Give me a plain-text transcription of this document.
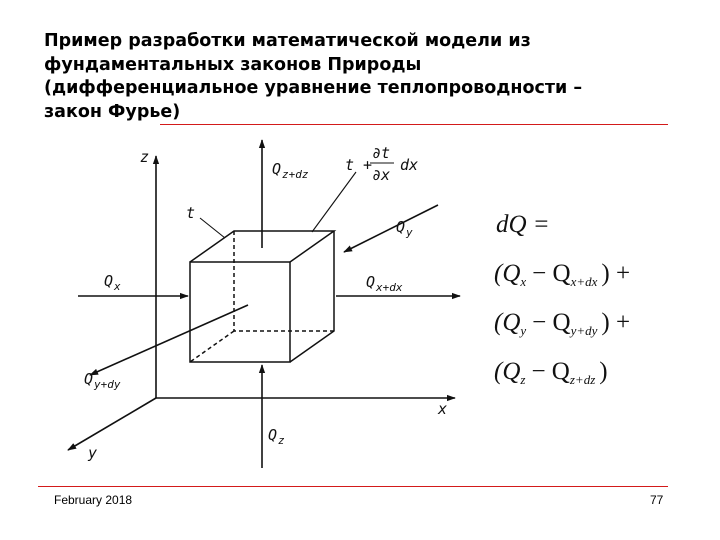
Пример разработки математической модели из
фундаментальных законов Природы
(дифференциальное уравнение теплопроводности –
закон Фурье)
z
x
y
$Q_{z+dz}$
t +
∂t
∂x
dx
t
$Q_y$
$Q_x$	$Q_{x+dx}$
$Q_{y+dy}$
$Q_z$
dQ =
($Q_x - Q_{x+dx}$ ) +
($Q_y - Q_{y+dy}$ ) +
($Q_z - Q_{z+dz}$ )
February 2018	77
